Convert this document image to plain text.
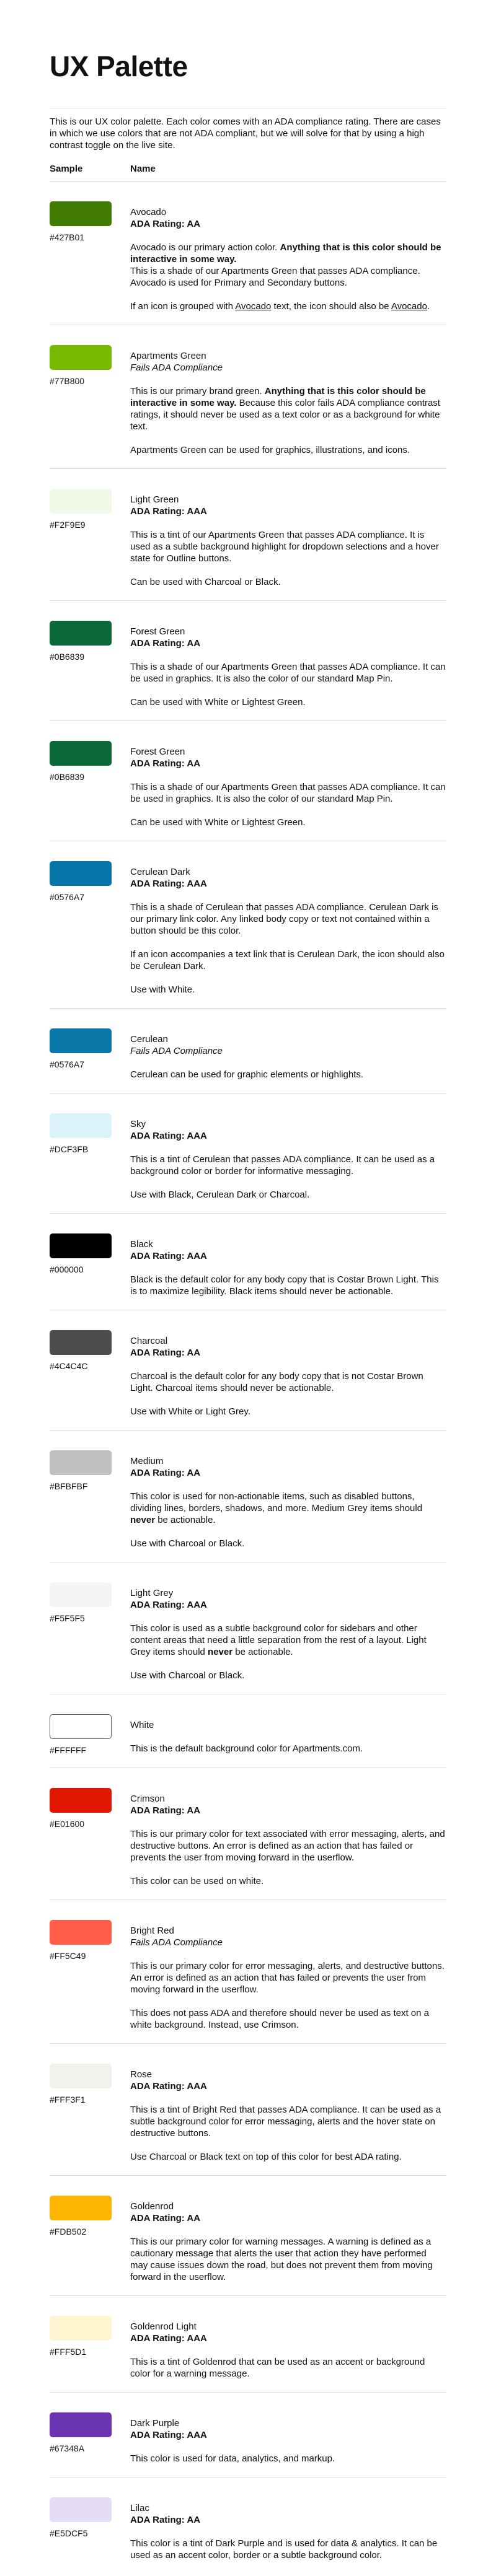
UX Palette

This is our UX color palette. Each color comes with an ADA compliance rating. There are cases in which we use colors that are not ADA compliant, but we will solve for that by using a high contrast toggle on the live site.

Sample	Name
#427B01

Avocado

ADA Rating: AA

Avocado is our primary action color. Anything that is this color should be interactive in some way.
This is a shade of our Apartments Green that passes ADA compliance.
Avocado is used for Primary and Secondary buttons.

If an icon is grouped with Avocado text, the icon should also be Avocado.

#77B800

Apartments Green

Fails ADA Compliance

This is our primary brand green. Anything that is this color should be interactive in some way. Because this color fails ADA compliance contrast ratings, it should never be used as a text color or as a background for white text.

Apartments Green can be used for graphics, illustrations, and icons.

#F2F9E9

Light Green

ADA Rating: AAA

This is a tint of our Apartments Green that passes ADA compliance. It is used as a subtle background highlight for dropdown selections and a hover state for Outline buttons.

Can be used with Charcoal or Black.

#0B6839

Forest Green

ADA Rating: AA

This is a shade of our Apartments Green that passes ADA compliance. It can be used in graphics. It is also the color of our standard Map Pin.

Can be used with White or Lightest Green.

#0B6839

Forest Green

ADA Rating: AA

This is a shade of our Apartments Green that passes ADA compliance. It can be used in graphics. It is also the color of our standard Map Pin.

Can be used with White or Lightest Green.

#0576A7

Cerulean Dark

ADA Rating: AAA

This is a shade of Cerulean that passes ADA compliance. Cerulean Dark is our primary link color. Any linked body copy or text not contained within a button should be this color.

If an icon accompanies a text link that is Cerulean Dark, the icon should also be Cerulean Dark.

Use with White.

#0576A7

Cerulean

Fails ADA Compliance

Cerulean can be used for graphic elements or highlights.

#DCF3FB

Sky

ADA Rating: AAA

This is a tint of Cerulean that passes ADA compliance. It can be used as a background color or border for informative messaging.

Use with Black, Cerulean Dark or Charcoal.

#000000

Black

ADA Rating: AAA

Black is the default color for any body copy that is Costar Brown Light. This is to maximize legibility. Black items should never be actionable.

#4C4C4C

Charcoal

ADA Rating: AA

Charcoal is the default color for any body copy that is not Costar Brown Light. Charcoal items should never be actionable.

Use with White or Light Grey.

#BFBFBF

Medium

ADA Rating: AA

This color is used for non-actionable items, such as disabled buttons, dividing lines, borders, shadows, and more. Medium Grey items should never be actionable.

Use with Charcoal or Black.

#F5F5F5

Light Grey

ADA Rating: AAA

This color is used as a subtle background color for sidebars and other content areas that need a little separation from the rest of a layout. Light Grey items should never be actionable.

Use with Charcoal or Black.

#FFFFFF

White

This is the default background color for Apartments.com.

#E01600

Crimson

ADA Rating: AA

This is our primary color for text associated with error messaging, alerts, and destructive buttons. An error is defined as an action that has failed or prevents the user from moving forward in the userflow.

This color can be used on white.

#FF5C49

Bright Red

Fails ADA Compliance

This is our primary color for error messaging, alerts, and destructive buttons. An error is defined as an action that has failed or prevents the user from moving forward in the userflow.

This does not pass ADA and therefore should never be used as text on a white background. Instead, use Crimson.

#FFF3F1

Rose

ADA Rating: AAA

This is a tint of Bright Red that passes ADA compliance. It can be used as a subtle background color for error messaging, alerts and the hover state on destructive buttons.

Use Charcoal or Black text on top of this color for best ADA rating.

#FDB502

Goldenrod

ADA Rating: AA

This is our primary color for warning messages. A warning is defined as a cautionary message that alerts the user that action they have performed may cause issues down the road, but does not prevent them from moving forward in the userflow.

#FFF5D1

Goldenrod Light

ADA Rating: AAA

This is a tint of Goldenrod that can be used as an accent or background color for a warning message.

#67348A

Dark Purple

ADA Rating: AAA

This color is used for data, analytics, and markup.

#E5DCF5

Lilac

ADA Rating: AA

This color is a tint of Dark Purple and is used for data & analytics. It can be used as an accent color, border or a subtle background color.
